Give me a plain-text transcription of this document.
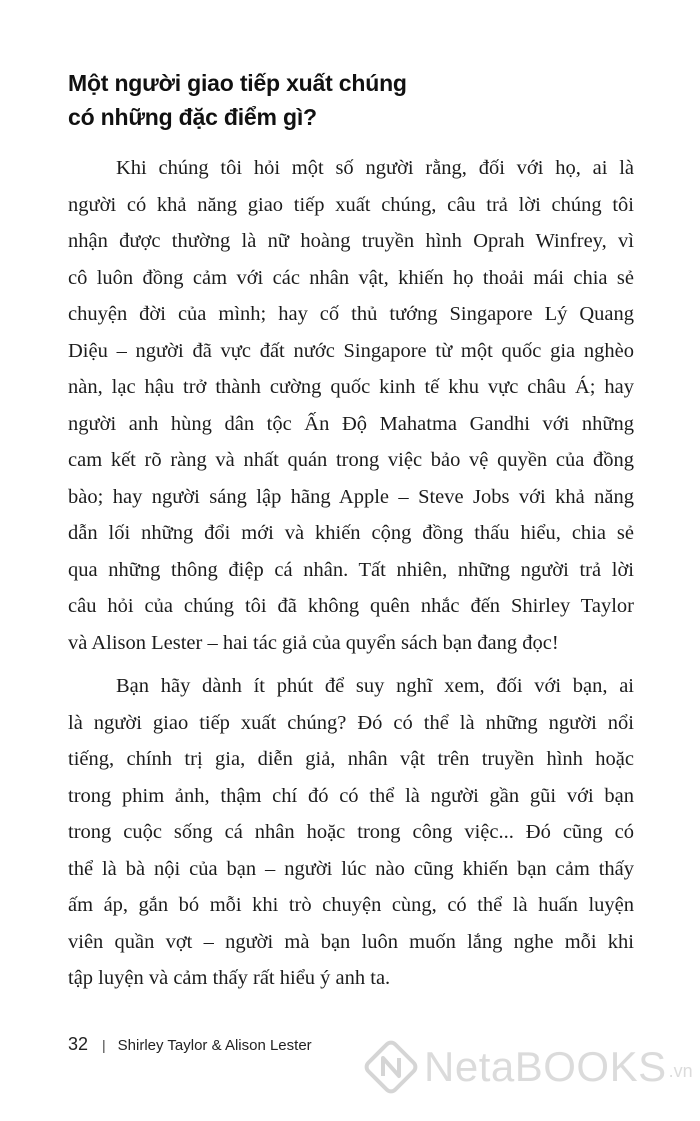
Một người giao tiếp xuất chúng
có những đặc điểm gì?

Khi chúng tôi hỏi một số người rằng, đối với họ, ai là
người có khả năng giao tiếp xuất chúng, câu trả lời chúng tôi
nhận được thường là nữ hoàng truyền hình Oprah Winfrey, vì
cô luôn đồng cảm với các nhân vật, khiến họ thoải mái chia sẻ
chuyện đời của mình; hay cố thủ tướng Singapore Lý Quang
Diệu – người đã vực đất nước Singapore từ một quốc gia nghèo
nàn, lạc hậu trở thành cường quốc kinh tế khu vực châu Á; hay
người anh hùng dân tộc Ấn Độ Mahatma Gandhi với những
cam kết rõ ràng và nhất quán trong việc bảo vệ quyền của đồng
bào; hay người sáng lập hãng Apple – Steve Jobs với khả năng
dẫn lối những đổi mới và khiến cộng đồng thấu hiểu, chia sẻ
qua những thông điệp cá nhân. Tất nhiên, những người trả lời
câu hỏi của chúng tôi đã không quên nhắc đến Shirley Taylor
và Alison Lester – hai tác giả của quyển sách bạn đang đọc!

Bạn hãy dành ít phút để suy nghĩ xem, đối với bạn, ai
là người giao tiếp xuất chúng? Đó có thể là những người nổi
tiếng, chính trị gia, diễn giả, nhân vật trên truyền hình hoặc
trong phim ảnh, thậm chí đó có thể là người gần gũi với bạn
trong cuộc sống cá nhân hoặc trong công việc... Đó cũng có
thể là bà nội của bạn – người lúc nào cũng khiến bạn cảm thấy
ấm áp, gắn bó mỗi khi trò chuyện cùng, có thể là huấn luyện
viên quần vợt – người mà bạn luôn muốn lắng nghe mỗi khi
tập luyện và cảm thấy rất hiểu ý anh ta.

32 | Shirley Taylor & Alison Lester	NetaBOOKS .vn
